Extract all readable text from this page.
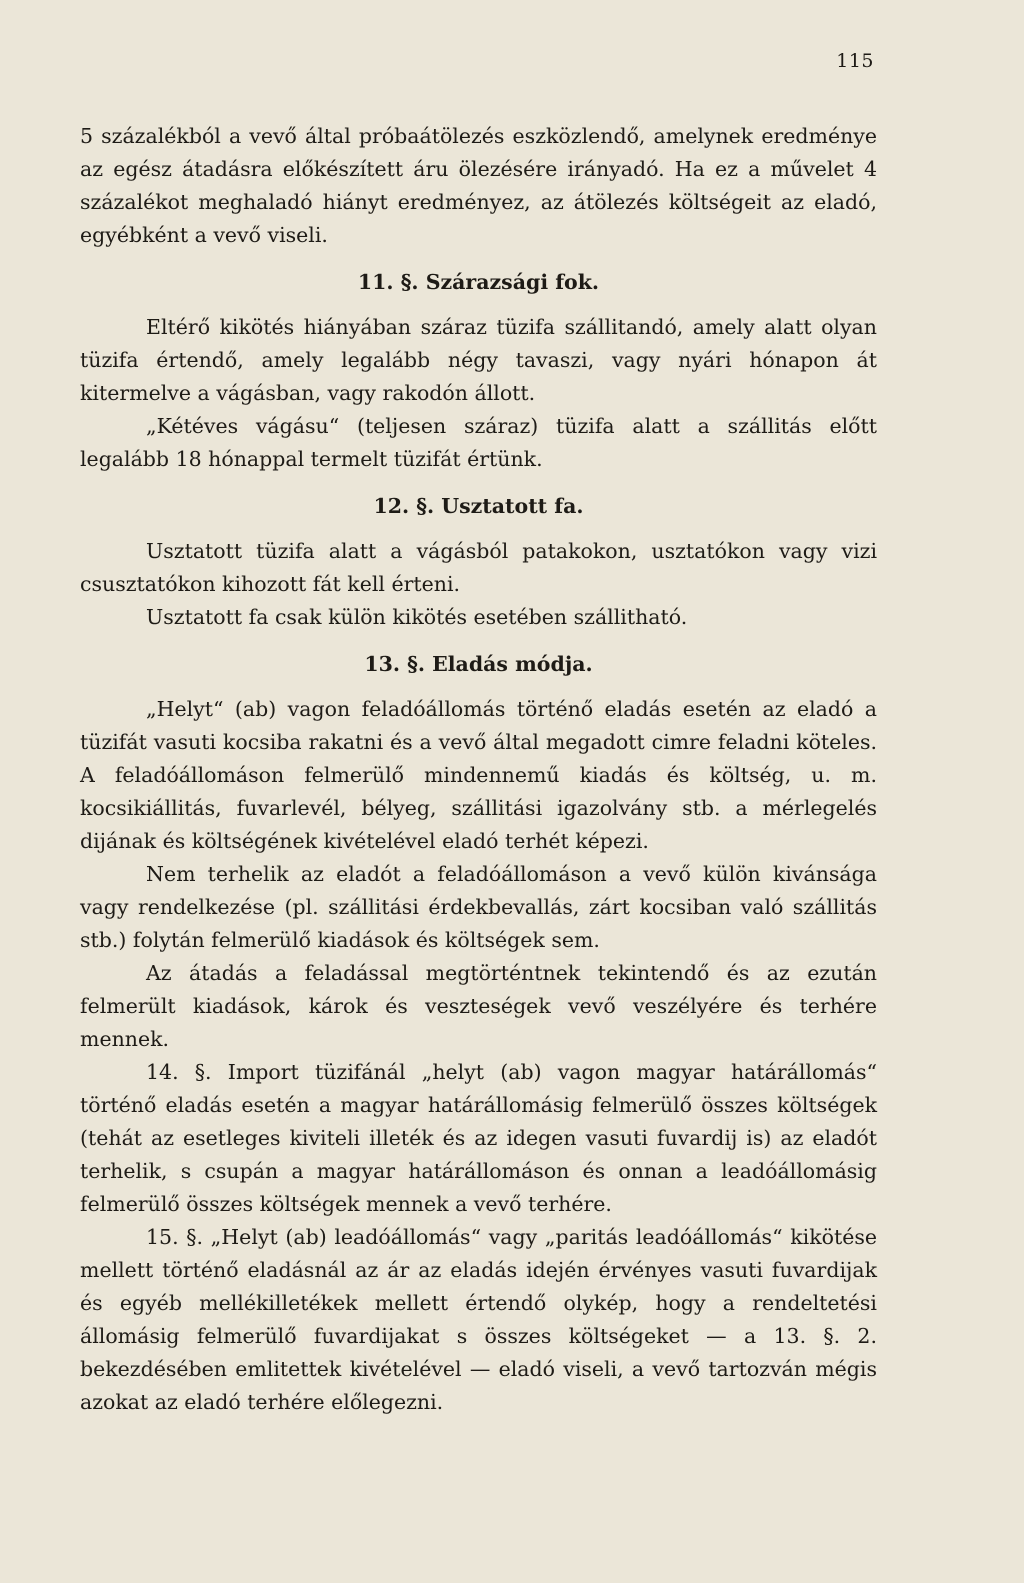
115

5 százalékból a vevő által próbaátölezés eszközlendő, amelynek eredménye az egész átadásra előkészített áru ölezésére irányadó. Ha ez a művelet 4 százalékot meghaladó hiányt eredményez, az átölezés költségeit az eladó, egyébként a vevő viseli.

11. §. Szárazsági fok.

Eltérő kikötés hiányában száraz tüzifa szállitandó, amely alatt olyan tüzifa értendő, amely legalább négy tavaszi, vagy nyári hónapon át kitermelve a vágásban, vagy rakodón állott.

„Kétéves vágásu“ (teljesen száraz) tüzifa alatt a szállitás előtt legalább 18 hónappal termelt tüzifát értünk.

12. §. Usztatott fa.

Usztatott tüzifa alatt a vágásból patakokon, usztatókon vagy vizi csusztatókon kihozott fát kell érteni.

Usztatott fa csak külön kikötés esetében szállitható.

13. §. Eladás módja.

„Helyt“ (ab) vagon feladóállomás történő eladás esetén az eladó a tüzifát vasuti kocsiba rakatni és a vevő által megadott cimre feladni köteles. A feladóállomáson felmerülő mindennemű kiadás és költség, u. m. kocsikiállitás, fuvarlevél, bélyeg, szállitási igazolvány stb. a mérlegelés dijának és költségének kivételével eladó terhét képezi.

Nem terhelik az eladót a feladóállomáson a vevő külön kivánsága vagy rendelkezése (pl. szállitási érdekbevallás, zárt kocsiban való szállitás stb.) folytán felmerülő kiadások és költségek sem.

Az átadás a feladással megtörténtnek tekintendő és az ezután felmerült kiadások, károk és veszteségek vevő veszélyére és terhére mennek.

14. §. Import tüzifánál „helyt (ab) vagon magyar határállomás“ történő eladás esetén a magyar határállomásig felmerülő összes költségek (tehát az esetleges kiviteli illeték és az idegen vasuti fuvardij is) az eladót terhelik, s csupán a magyar határállomáson és onnan a leadóállomásig felmerülő összes költségek mennek a vevő terhére.

15. §. „Helyt (ab) leadóállomás“ vagy „paritás leadóállomás“ kikötése mellett történő eladásnál az ár az eladás idején érvényes vasuti fuvardijak és egyéb mellékilletékek mellett értendő olykép, hogy a rendeltetési állomásig felmerülő fuvardijakat s összes költségeket — a 13. §. 2. bekezdésében emlitettek kivételével — eladó viseli, a vevő tartozván mégis azokat az eladó terhére előlegezni.
